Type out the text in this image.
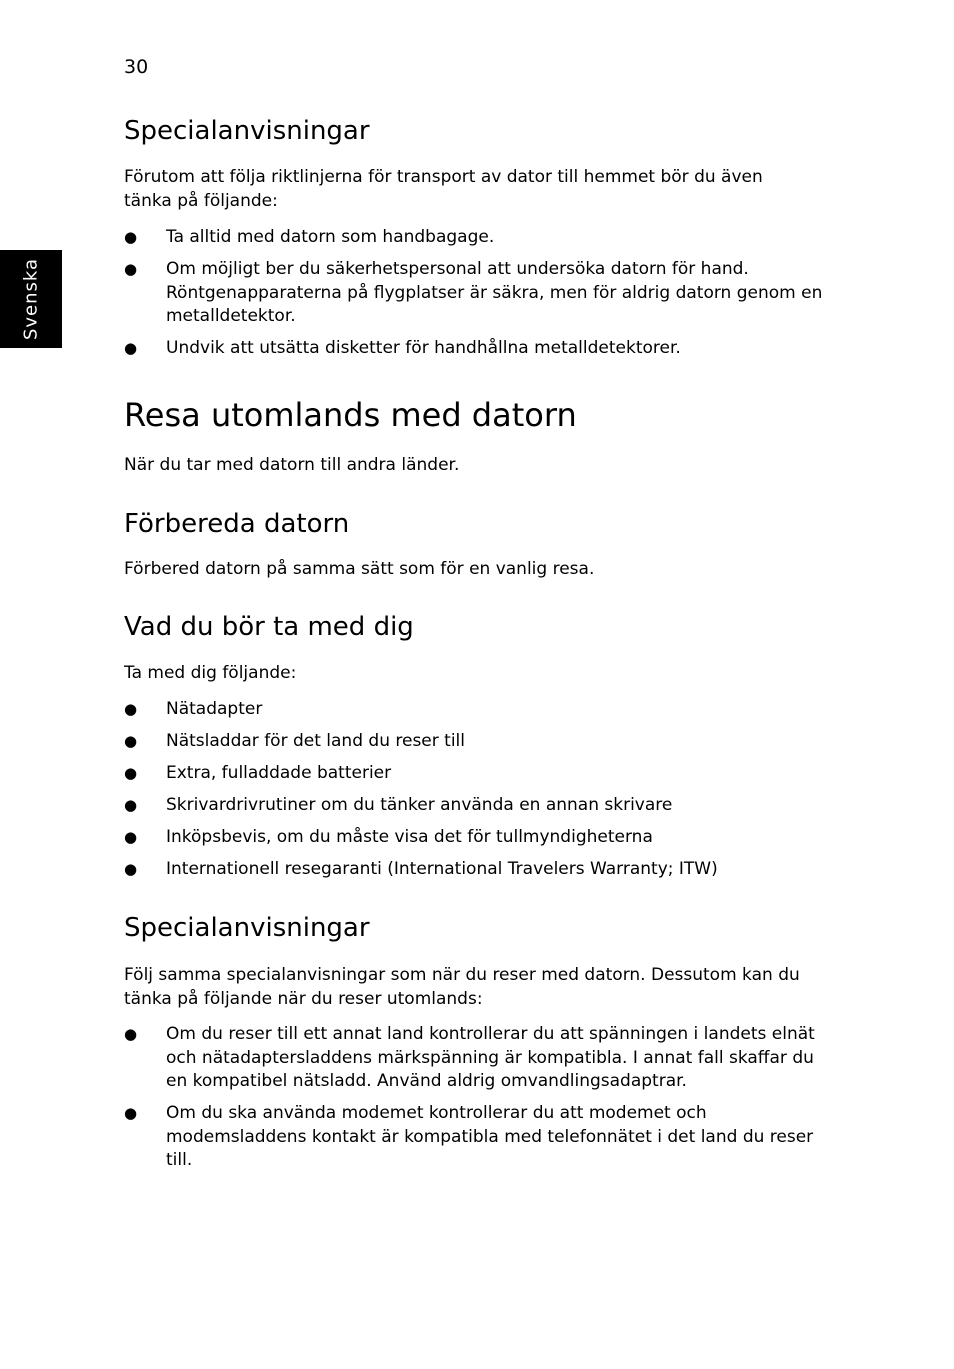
30
Svenska
Specialanvisningar
Förutom att följa riktlinjerna för transport av dator till hemmet bör du även tänka på följande:
● Ta alltid med datorn som handbagage.
● Om möjligt ber du säkerhetspersonal att undersöka datorn för hand. Röntgenapparaterna på flygplatser är säkra, men för aldrig datorn genom en metalldetektor.
● Undvik att utsätta disketter för handhållna metalldetektorer.
Resa utomlands med datorn
När du tar med datorn till andra länder.
Förbereda datorn
Förbered datorn på samma sätt som för en vanlig resa.
Vad du bör ta med dig
Ta med dig följande:
● Nätadapter
● Nätsladdar för det land du reser till
● Extra, fulladdade batterier
● Skrivardrivrutiner om du tänker använda en annan skrivare
● Inköpsbevis, om du måste visa det för tullmyndigheterna
● Internationell resegaranti (International Travelers Warranty; ITW)
Specialanvisningar
Följ samma specialanvisningar som när du reser med datorn. Dessutom kan du tänka på följande när du reser utomlands:
● Om du reser till ett annat land kontrollerar du att spänningen i landets elnät och nätadaptersladdens märkspänning är kompatibla. I annat fall skaffar du en kompatibel nätsladd. Använd aldrig omvandlingsadaptrar.
● Om du ska använda modemet kontrollerar du att modemet och modemsladdens kontakt är kompatibla med telefonnätet i det land du reser till.
